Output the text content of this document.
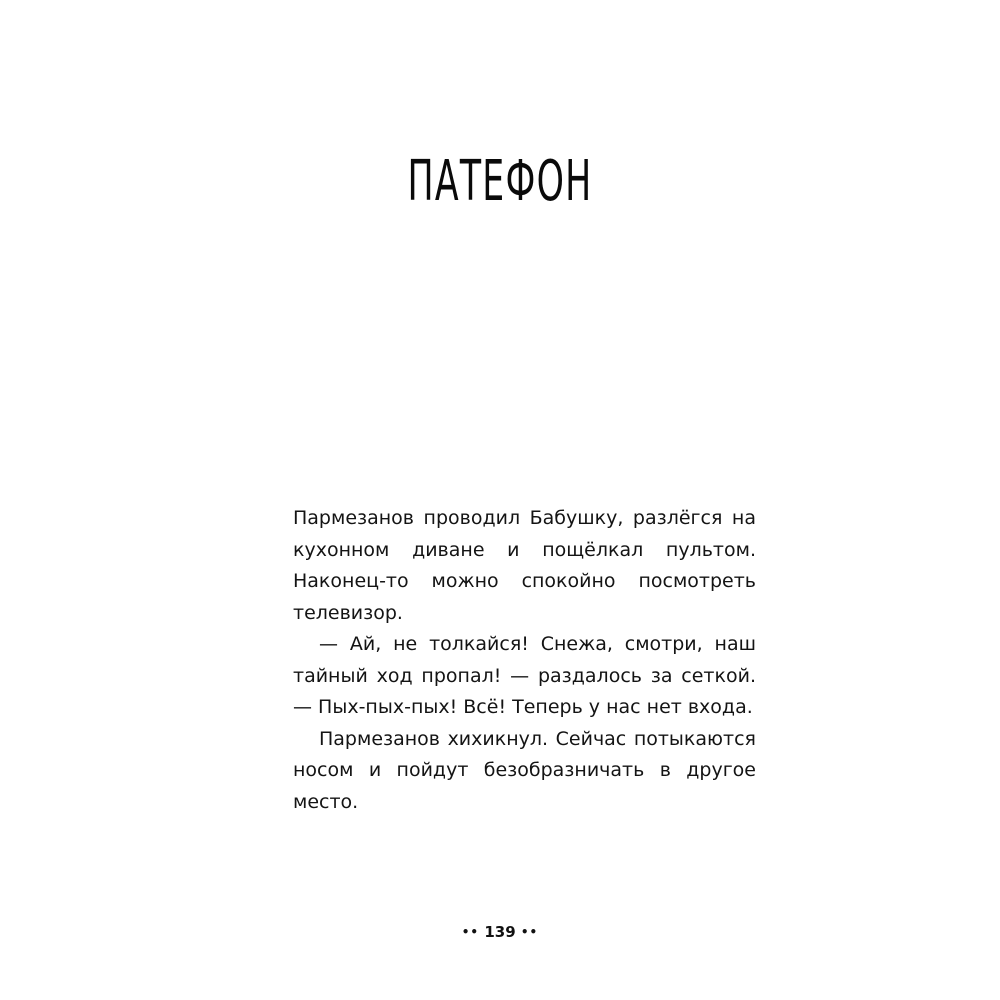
ПАТЕФОН

Пармезанов проводил Бабушку, разлёгся на кухонном диване и пощёлкал пультом. Наконец-то можно спокойно посмотреть телевизор.

— Ай, не толкайся! Снежа, смотри, наш тайный ход пропал! — раздалось за сеткой. — Пых-пых-пых! Всё! Теперь у нас нет входа.

Пармезанов хихикнул. Сейчас потыкаются носом и пойдут безобразничать в другое место.

•• 139 ••
